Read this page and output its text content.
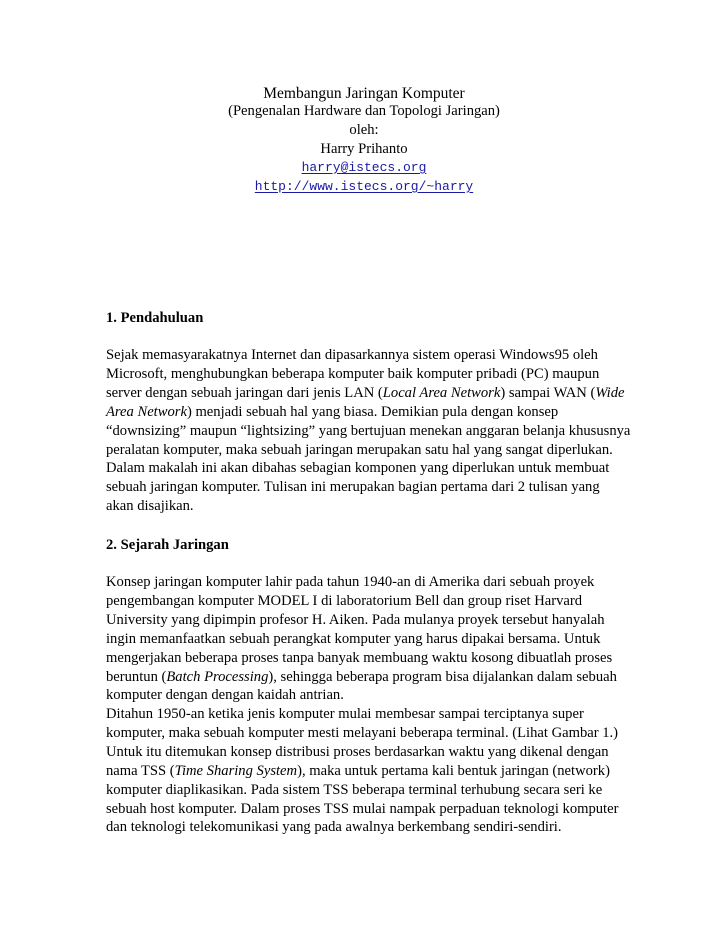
Membangun Jaringan Komputer
(Pengenalan Hardware dan Topologi Jaringan)
oleh:
Harry Prihanto
harry@istecs.org
http://www.istecs.org/~harry
1. Pendahuluan
Sejak memasyarakatnya Internet dan dipasarkannya sistem operasi Windows95 oleh
Microsoft, menghubungkan beberapa komputer baik komputer pribadi (PC) maupun
server dengan sebuah jaringan dari jenis LAN (Local Area Network) sampai WAN (Wide
Area Network) menjadi sebuah hal yang biasa. Demikian pula dengan konsep
“downsizing” maupun “lightsizing” yang bertujuan menekan anggaran belanja khususnya
peralatan komputer, maka sebuah jaringan merupakan satu hal yang sangat diperlukan.
Dalam makalah ini akan dibahas sebagian komponen yang diperlukan untuk membuat
sebuah jaringan komputer. Tulisan ini merupakan bagian pertama dari 2 tulisan yang
akan disajikan.
2. Sejarah Jaringan
Konsep jaringan komputer lahir pada tahun 1940-an di Amerika dari sebuah proyek
pengembangan komputer MODEL I di laboratorium Bell dan group riset Harvard
University yang dipimpin profesor H. Aiken. Pada mulanya proyek tersebut hanyalah
ingin memanfaatkan sebuah perangkat komputer yang harus dipakai bersama. Untuk
mengerjakan beberapa proses tanpa banyak membuang waktu kosong dibuatlah proses
beruntun (Batch Processing), sehingga beberapa program bisa dijalankan dalam sebuah
komputer dengan dengan kaidah antrian.
Ditahun 1950-an ketika jenis komputer mulai membesar sampai terciptanya super
komputer, maka sebuah komputer mesti melayani beberapa terminal. (Lihat Gambar 1.)
Untuk itu ditemukan konsep distribusi proses berdasarkan waktu yang dikenal dengan
nama TSS (Time Sharing System), maka untuk pertama kali bentuk jaringan (network)
komputer diaplikasikan. Pada sistem TSS beberapa terminal terhubung secara seri ke
sebuah host komputer. Dalam proses TSS mulai nampak perpaduan teknologi komputer
dan teknologi telekomunikasi yang pada awalnya berkembang sendiri-sendiri.
